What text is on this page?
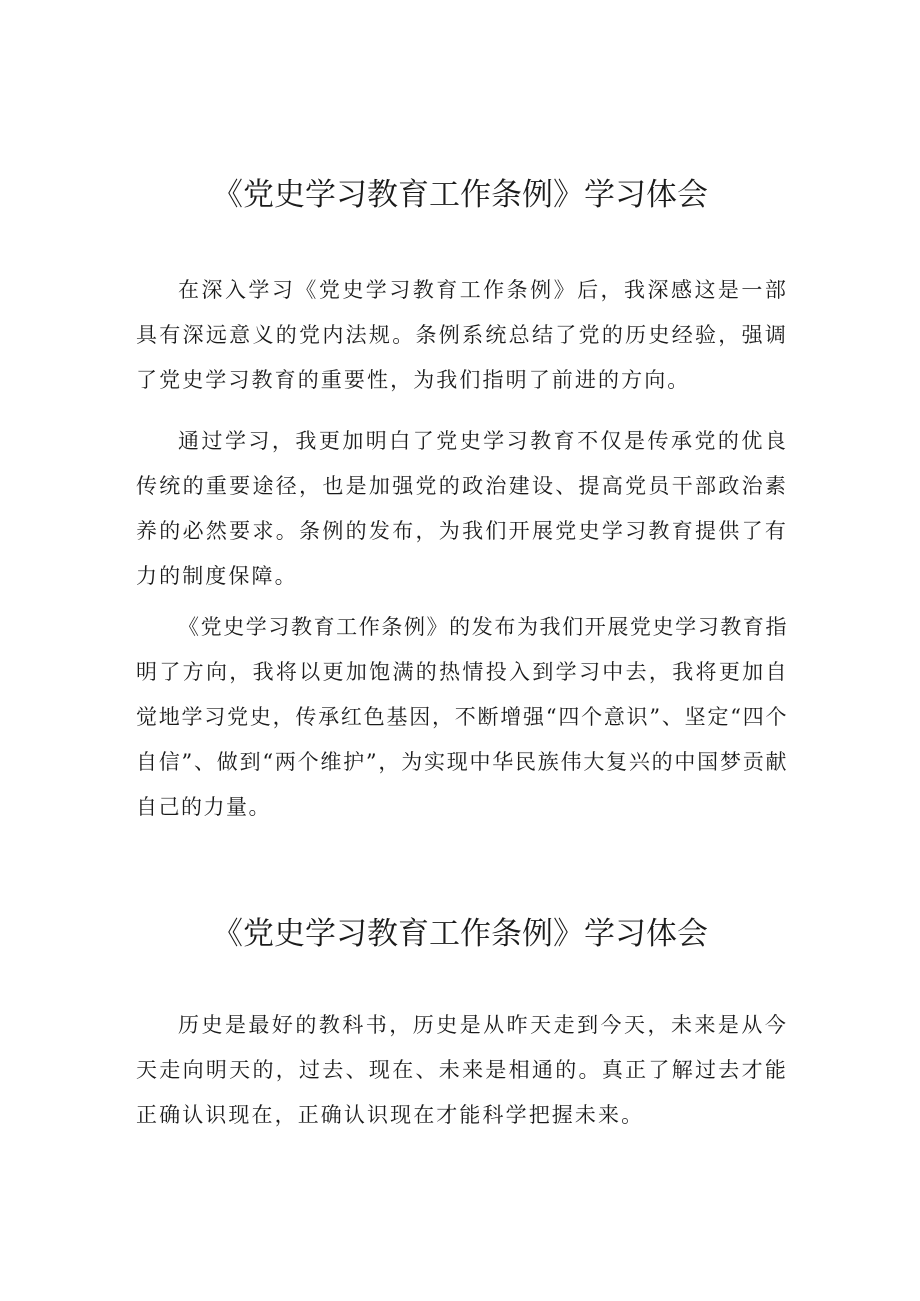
《党史学习教育工作条例》学习体会

在深入学习《党史学习教育工作条例》后，我深感这是一部具有深远意义的党内法规。条例系统总结了党的历史经验，强调了党史学习教育的重要性，为我们指明了前进的方向。

通过学习，我更加明白了党史学习教育不仅是传承党的优良传统的重要途径，也是加强党的政治建设、提高党员干部政治素养的必然要求。条例的发布，为我们开展党史学习教育提供了有力的制度保障。

《党史学习教育工作条例》的发布为我们开展党史学习教育指明了方向，我将以更加饱满的热情投入到学习中去，我将更加自觉地学习党史，传承红色基因，不断增强“四个意识”、坚定“四个自信”、做到“两个维护”，为实现中华民族伟大复兴的中国梦贡献自己的力量。

《党史学习教育工作条例》学习体会

历史是最好的教科书，历史是从昨天走到今天，未来是从今天走向明天的，过去、现在、未来是相通的。真正了解过去才能正确认识现在，正确认识现在才能科学把握未来。
